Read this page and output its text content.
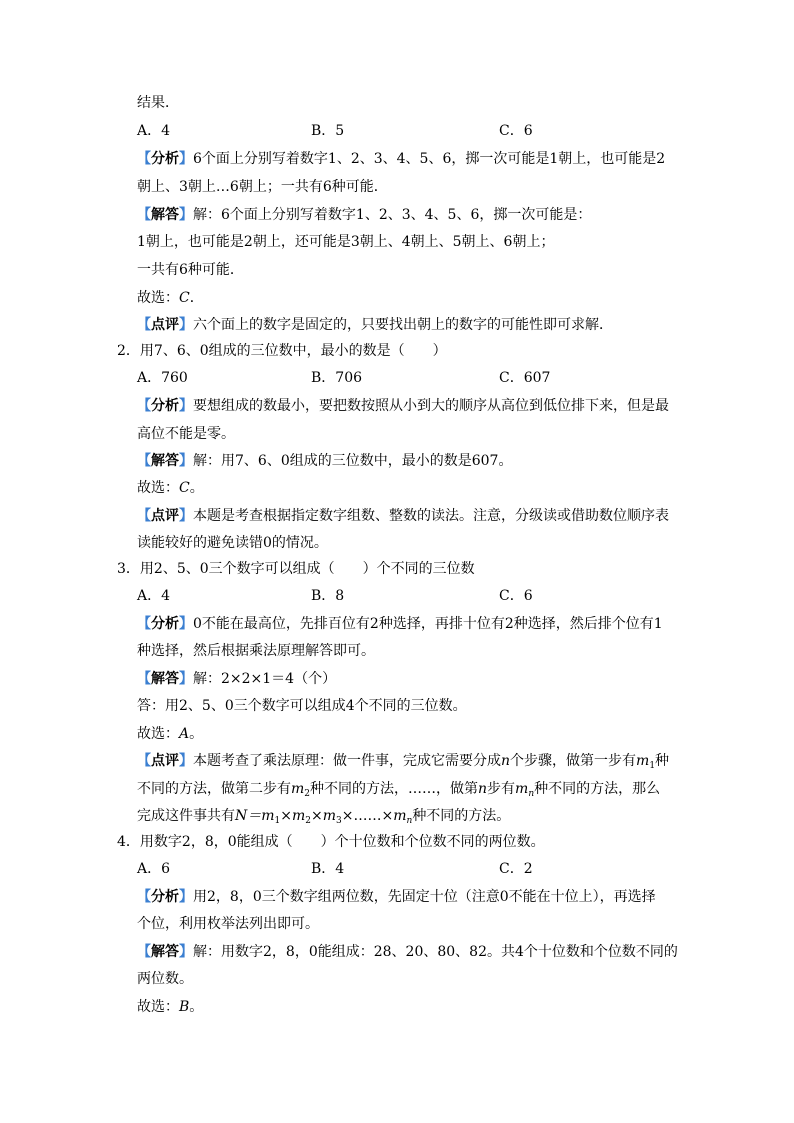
结果．
A．4	B．5	C．6
【分析】6个面上分别写着数字1、2、3、4、5、6，掷一次可能是1朝上，也可能是2
朝上、3朝上…6朝上；一共有6种可能．
【解答】解：6个面上分别写着数字1、2、3、4、5、6，掷一次可能是：
1朝上，也可能是2朝上，还可能是3朝上、4朝上、5朝上、6朝上；
一共有6种可能．
故选：C．
【点评】六个面上的数字是固定的，只要找出朝上的数字的可能性即可求解．
2．用7、6、0组成的三位数中，最小的数是（　　）
A．760	B．706	C．607
【分析】要想组成的数最小，要把数按照从小到大的顺序从高位到低位排下来，但是最
高位不能是零。
【解答】解：用7、6、0组成的三位数中，最小的数是607。
故选：C。
【点评】本题是考查根据指定数字组数、整数的读法。注意，分级读或借助数位顺序表
读能较好的避免读错0的情况。
3．用2、5、0三个数字可以组成（　　）个不同的三位数
A．4	B．8	C．6
【分析】0不能在最高位，先排百位有2种选择，再排十位有2种选择，然后排个位有1
种选择，然后根据乘法原理解答即可。
【解答】解：2×2×1＝4（个）
答：用2、5、0三个数字可以组成4个不同的三位数。
故选：A。
【点评】本题考查了乘法原理：做一件事，完成它需要分成n个步骤，做第一步有$m_1$种
不同的方法，做第二步有$m_2$种不同的方法，……，做第n步有$m_n$种不同的方法，那么
完成这件事共有$N=m_1\times m_2\times m_3\times\dots\dots\times m_n$种不同的方法。
4．用数字2，8，0能组成（　　）个十位数和个位数不同的两位数。
A．6	B．4	C．2
【分析】用2，8，0三个数字组两位数，先固定十位（注意0不能在十位上），再选择
个位，利用枚举法列出即可。
【解答】解：用数字2，8，0能组成：28、20、80、82。共4个十位数和个位数不同的
两位数。
故选：B。
